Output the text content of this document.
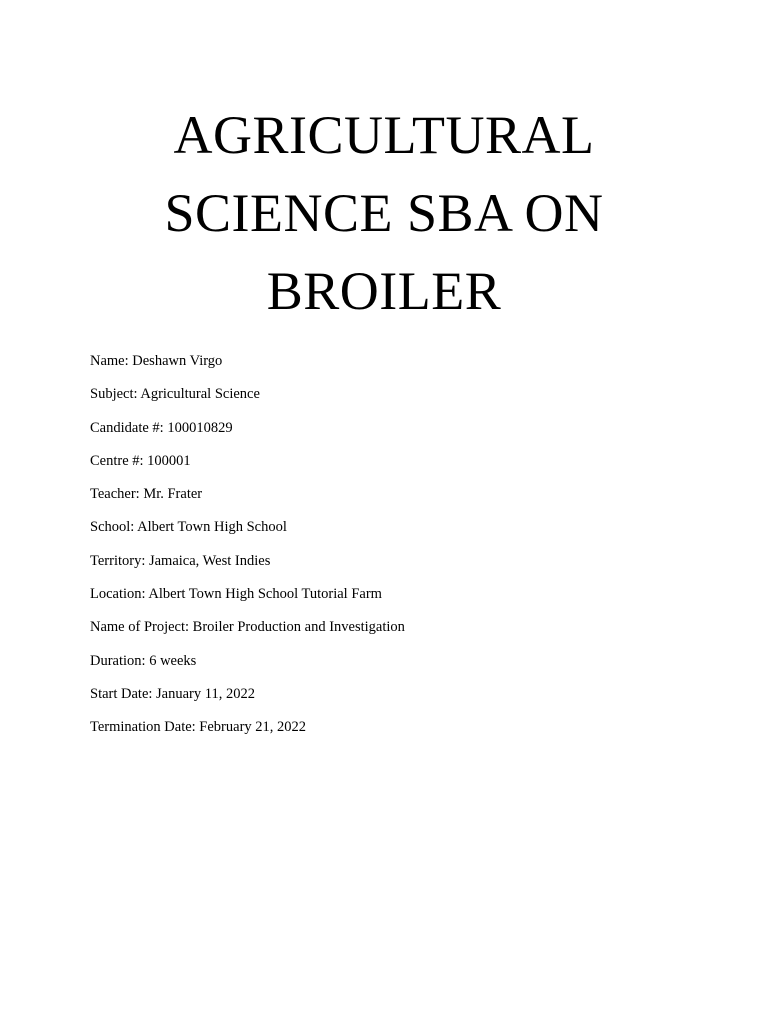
AGRICULTURAL
SCIENCE SBA ON
BROILER
Name: Deshawn Virgo
Subject: Agricultural Science
Candidate #: 100010829
Centre #: 100001
Teacher: Mr. Frater
School: Albert Town High School
Territory: Jamaica, West Indies
Location: Albert Town High School Tutorial Farm
Name of Project: Broiler Production and Investigation
Duration: 6 weeks
Start Date: January 11, 2022
Termination Date: February 21, 2022
